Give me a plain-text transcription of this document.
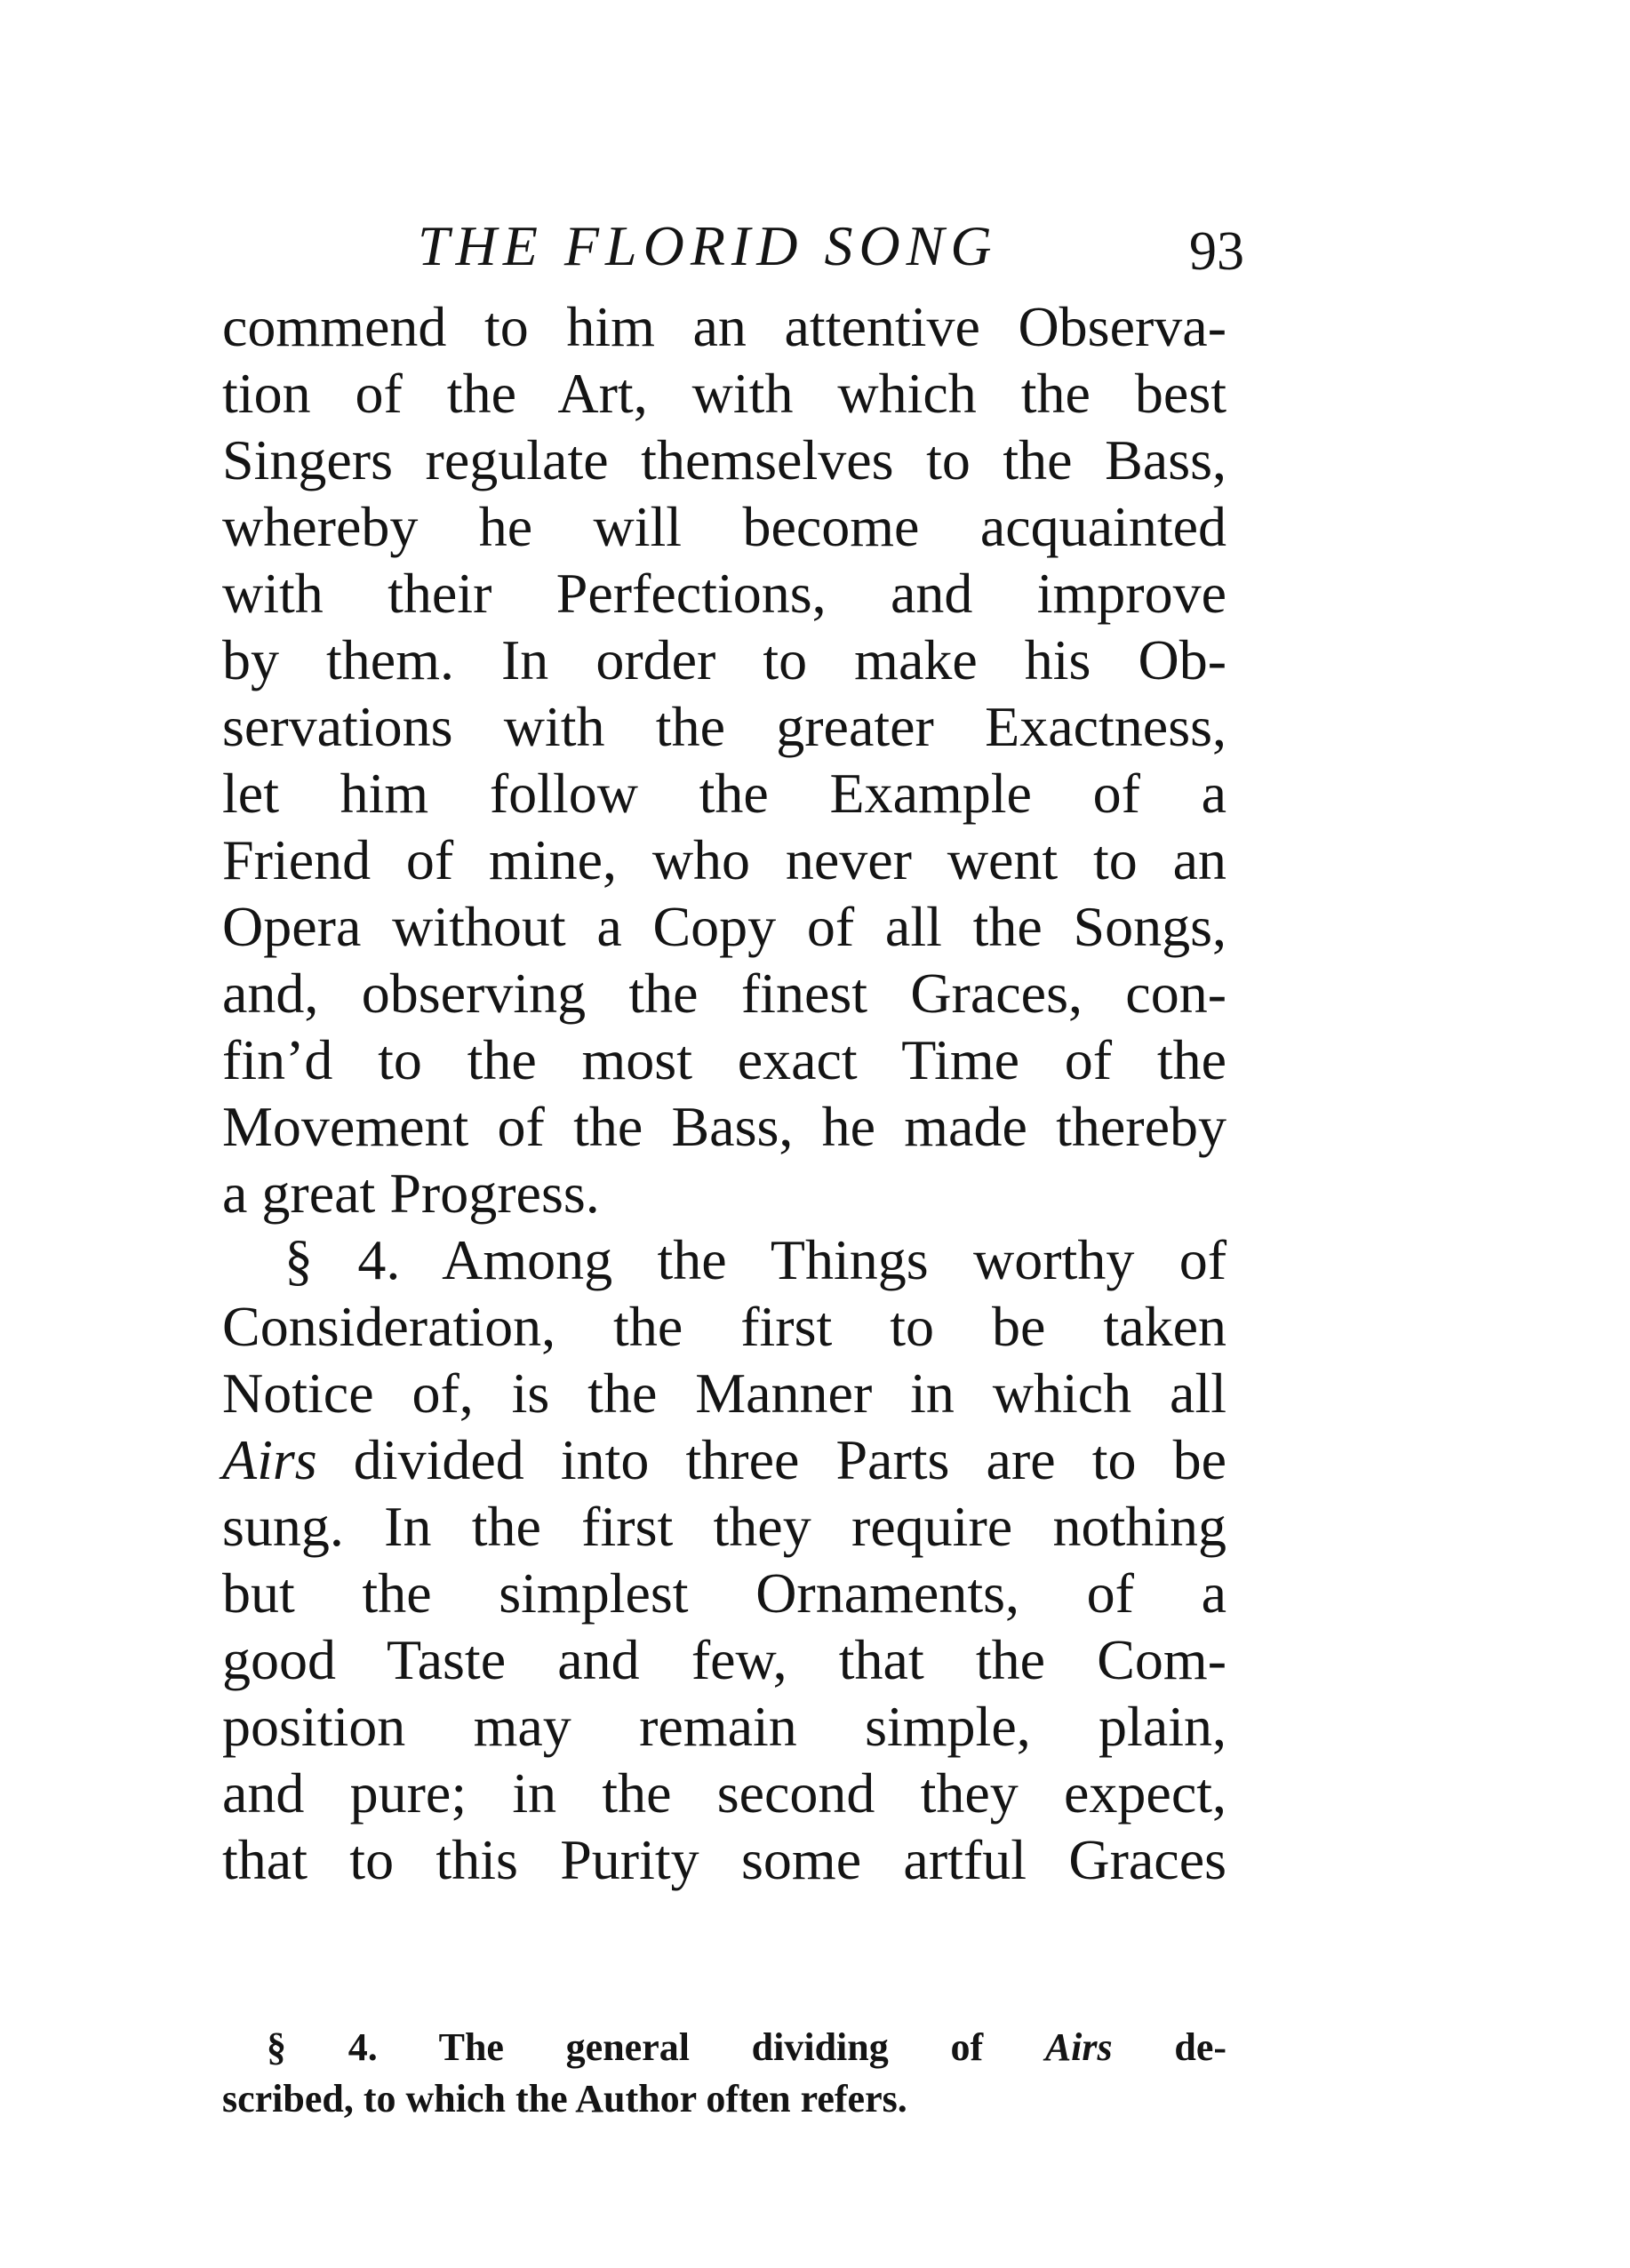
THE FLORID SONG	93
commend to him an attentive Observa-
tion of the Art, with which the best
Singers regulate themselves to the Bass,
whereby he will become acquainted
with their Perfections, and improve
by them. In order to make his Ob-
servations with the greater Exactness,
let him follow the Example of a
Friend of mine, who never went to an
Opera without a Copy of all the Songs,
and, observing the finest Graces, con-
fin’d to the most exact Time of the
Movement of the Bass, he made thereby
a great Progress.
§ 4. Among the Things worthy of
Consideration, the first to be taken
Notice of, is the Manner in which all
Airs divided into three Parts are to be
sung. In the first they require nothing
but the simplest Ornaments, of a
good Taste and few, that the Com-
position may remain simple, plain,
and pure; in the second they expect,
that to this Purity some artful Graces
§ 4. The general dividing of Airs de-
scribed, to which the Author often refers.
